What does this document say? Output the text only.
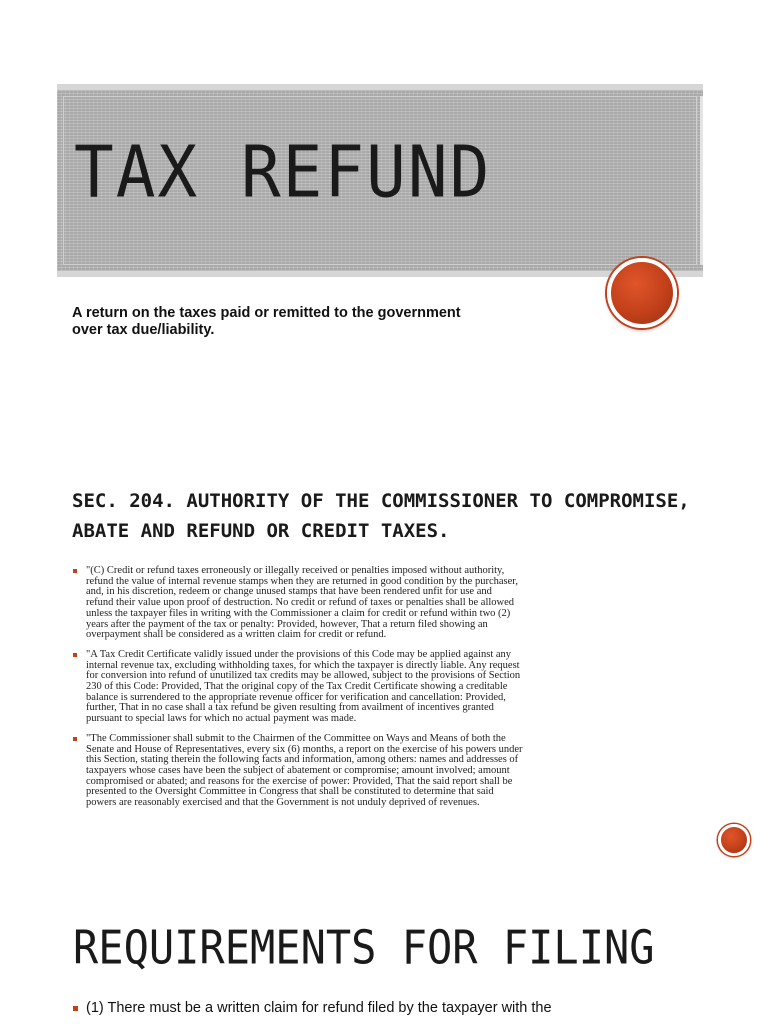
TAX REFUND
A return on the taxes paid or remitted to the government
over tax due/liability.
SEC. 204. AUTHORITY OF THE COMMISSIONER TO COMPROMISE,
ABATE AND REFUND OR CREDIT TAXES.
"(C) Credit or refund taxes erroneously or illegally received or penalties imposed without authority,
refund the value of internal revenue stamps when they are returned in good condition by the purchaser,
and, in his discretion, redeem or change unused stamps that have been rendered unfit for use and
refund their value upon proof of destruction. No credit or refund of taxes or penalties shall be allowed
unless the taxpayer files in writing with the Commissioner a claim for credit or refund within two (2)
years after the payment of the tax or penalty: Provided, however, That a return filed showing an
overpayment shall be considered as a written claim for credit or refund.
"A Tax Credit Certificate validly issued under the provisions of this Code may be applied against any
internal revenue tax, excluding withholding taxes, for which the taxpayer is directly liable. Any request
for conversion into refund of unutilized tax credits may be allowed, subject to the provisions of Section
230 of this Code: Provided, That the original copy of the Tax Credit Certificate showing a creditable
balance is surrendered to the appropriate revenue officer for verification and cancellation: Provided,
further, That in no case shall a tax refund be given resulting from availment of incentives granted
pursuant to special laws for which no actual payment was made.
"The Commissioner shall submit to the Chairmen of the Committee on Ways and Means of both the
Senate and House of Representatives, every six (6) months, a report on the exercise of his powers under
this Section, stating therein the following facts and information, among others: names and addresses of
taxpayers whose cases have been the subject of abatement or compromise; amount involved; amount
compromised or abated; and reasons for the exercise of power: Provided, That the said report shall be
presented to the Oversight Committee in Congress that shall be constituted to determine that said
powers are reasonably exercised and that the Government is not unduly deprived of revenues.
REQUIREMENTS FOR FILING
(1) There must be a written claim for refund filed by the taxpayer with the
